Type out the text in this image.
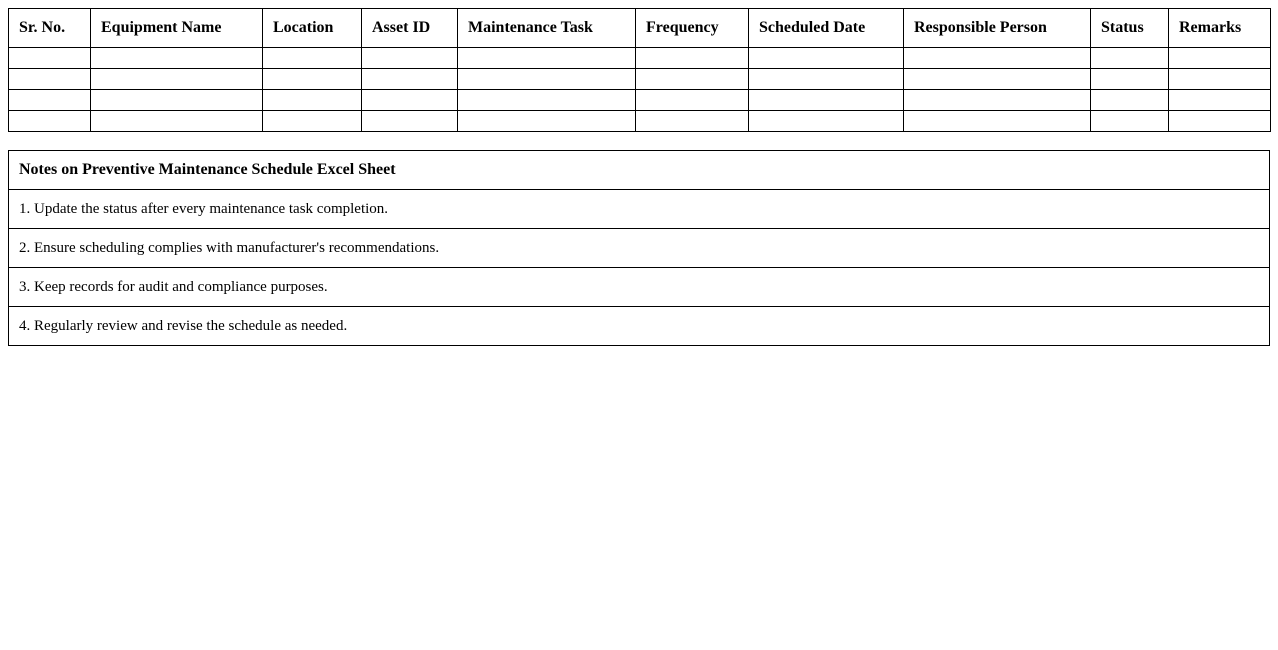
Sr. No.	Equipment Name	Location	Asset ID	Maintenance Task	Frequency	Scheduled Date	Responsible Person	Status	Remarks

Notes on Preventive Maintenance Schedule Excel Sheet
1. Update the status after every maintenance task completion.
2. Ensure scheduling complies with manufacturer's recommendations.
3. Keep records for audit and compliance purposes.
4. Regularly review and revise the schedule as needed.
